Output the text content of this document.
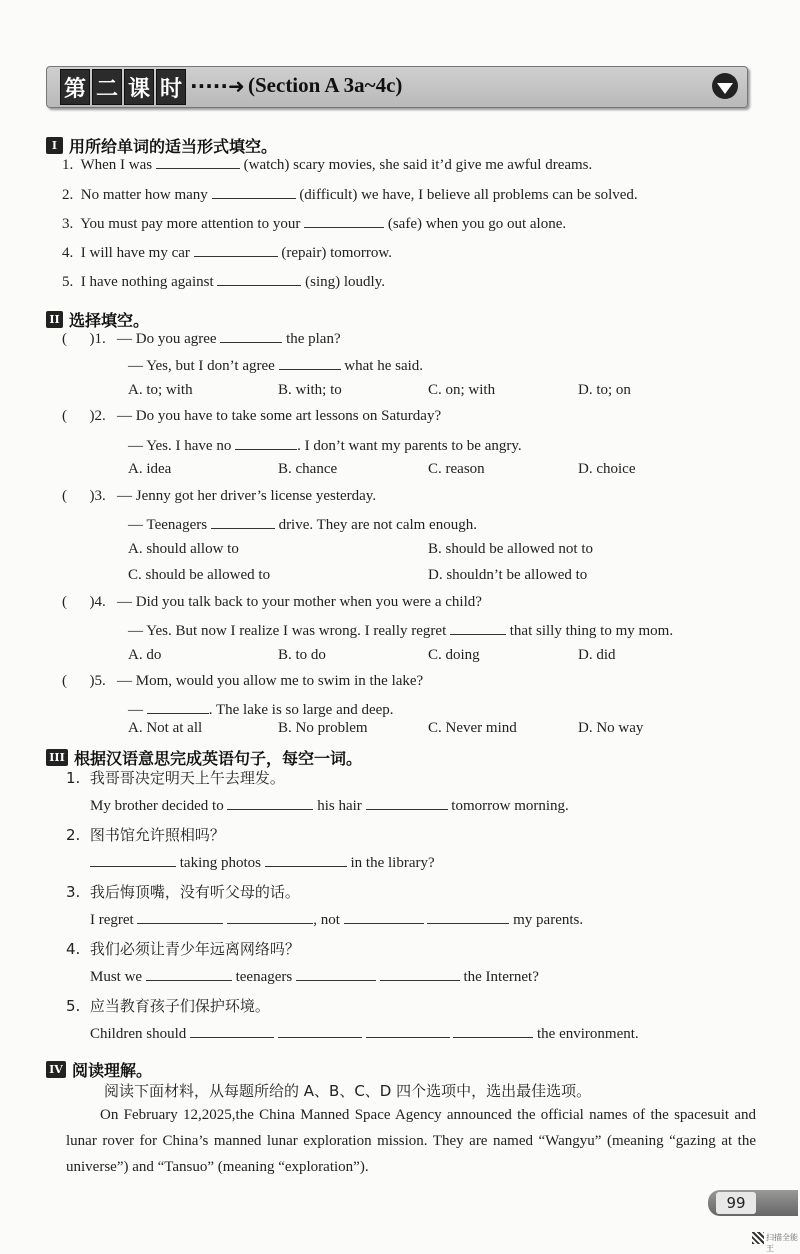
第 二 课 时 ·····➜ (Section A 3a~4c)
I 用所给单词的适当形式填空。
1. When I was	(watch) scary movies, she said it’d give me awful dreams.
2. No matter how many	(difficult) we have, I believe all problems can be solved.
3. You must pay more attention to your	(safe) when you go out alone.
4. I will have my car	(repair) tomorrow.
5. I have nothing against	(sing) loudly.
II 选择填空。
(      )1. — Do you agree	the plan?
— Yes, but I don’t agree	what he said.
A. to; with	B. with; to	C. on; with	D. to; on
(      )2. — Do you have to take some art lessons on Saturday?
— Yes. I have no	. I don’t want my parents to be angry.
A. idea	B. chance	C. reason	D. choice
(      )3. — Jenny got her driver’s license yesterday.
— Teenagers	drive. They are not calm enough.
A. should allow to	B. should be allowed not to
C. should be allowed to	D. shouldn’t be allowed to
(      )4. — Did you talk back to your mother when you were a child?
— Yes. But now I realize I was wrong. I really regret	that silly thing to my mom.
A. do	B. to do	C. doing	D. did
(      )5. — Mom, would you allow me to swim in the lake?
—	. The lake is so large and deep.
A. Not at all	B. No problem	C. Never mind	D. No way
III 根据汉语意思完成英语句子，每空一词。
1. 我哥哥决定明天上午去理发。
My brother decided to	his hair	tomorrow morning.
2. 图书馆允许照相吗？
taking photos	in the library?
3. 我后悔顶嘴，没有听父母的话。
I regret	, not	my parents.
4. 我们必须让青少年远离网络吗？
Must we	teenagers	the Internet?
5. 应当教育孩子们保护环境。
Children should	the environment.
IV 阅读理解。
阅读下面材料，从每题所给的 A、B、C、D 四个选项中，选出最佳选项。
On February 12,2025,the China Manned Space Agency announced the official names of the spacesuit and lunar rover for China’s manned lunar exploration mission. They are named “Wangyu” (meaning “gazing at the universe”) and “Tansuo” (meaning “exploration”).
99
扫描全能王
